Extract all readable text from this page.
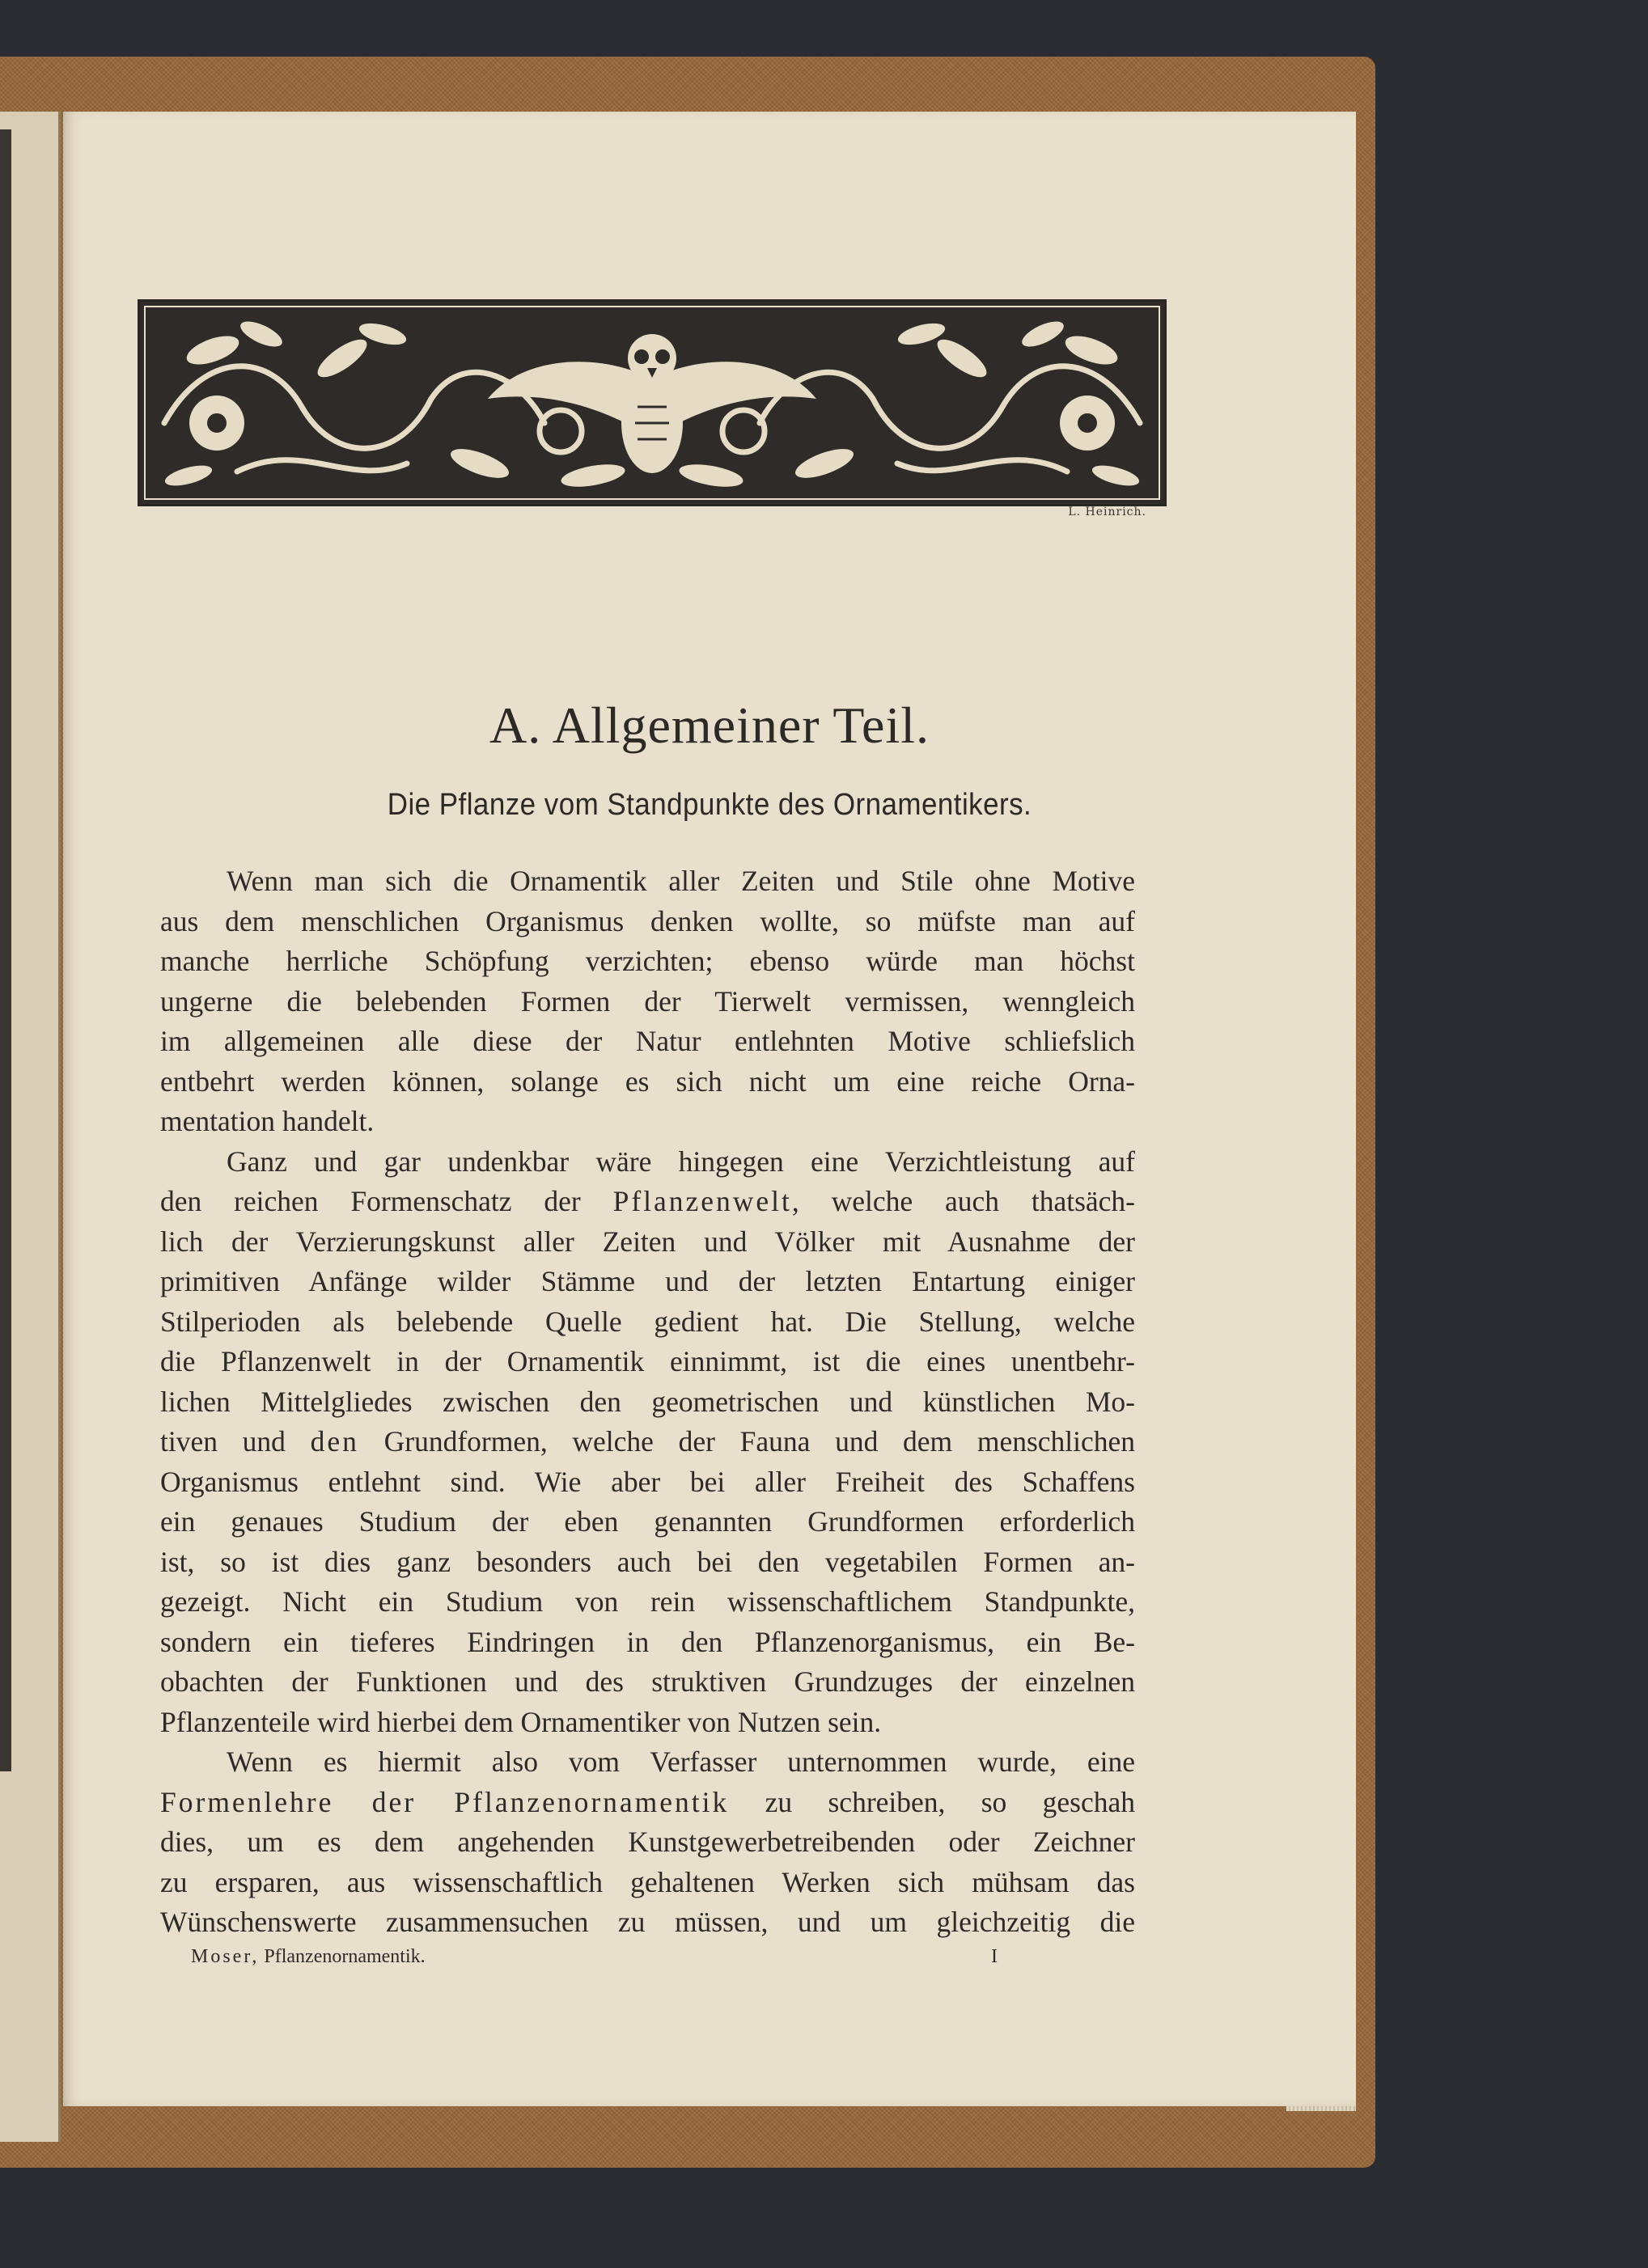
L. Heinrich.
A. Allgemeiner Teil.
Die Pflanze vom Standpunkte des Ornamentikers.
Wenn man sich die Ornamentik aller Zeiten und Stile ohne Motive
aus dem menschlichen Organismus denken wollte, so müfste man auf
manche herrliche Schöpfung verzichten; ebenso würde man höchst
ungerne die belebenden Formen der Tierwelt vermissen, wenngleich
im allgemeinen alle diese der Natur entlehnten Motive schliefslich
entbehrt werden können, solange es sich nicht um eine reiche Orna-
mentation handelt.
Ganz und gar undenkbar wäre hingegen eine Verzichtleistung auf
den reichen Formenschatz der Pflanzenwelt, welche auch thatsäch-
lich der Verzierungskunst aller Zeiten und Völker mit Ausnahme der
primitiven Anfänge wilder Stämme und der letzten Entartung einiger
Stilperioden als belebende Quelle gedient hat. Die Stellung, welche
die Pflanzenwelt in der Ornamentik einnimmt, ist die eines unentbehr-
lichen Mittelgliedes zwischen den geometrischen und künstlichen Mo-
tiven und den Grundformen, welche der Fauna und dem menschlichen
Organismus entlehnt sind. Wie aber bei aller Freiheit des Schaffens
ein genaues Studium der eben genannten Grundformen erforderlich
ist, so ist dies ganz besonders auch bei den vegetabilen Formen an-
gezeigt. Nicht ein Studium von rein wissenschaftlichem Standpunkte,
sondern ein tieferes Eindringen in den Pflanzenorganismus, ein Be-
obachten der Funktionen und des struktiven Grundzuges der einzelnen
Pflanzenteile wird hierbei dem Ornamentiker von Nutzen sein.
Wenn es hiermit also vom Verfasser unternommen wurde, eine
Formenlehre der Pflanzenornamentik zu schreiben, so geschah
dies, um es dem angehenden Kunstgewerbetreibenden oder Zeichner
zu ersparen, aus wissenschaftlich gehaltenen Werken sich mühsam das
Wünschenswerte zusammensuchen zu müssen, und um gleichzeitig die
Moser, Pflanzenornamentik.	I
